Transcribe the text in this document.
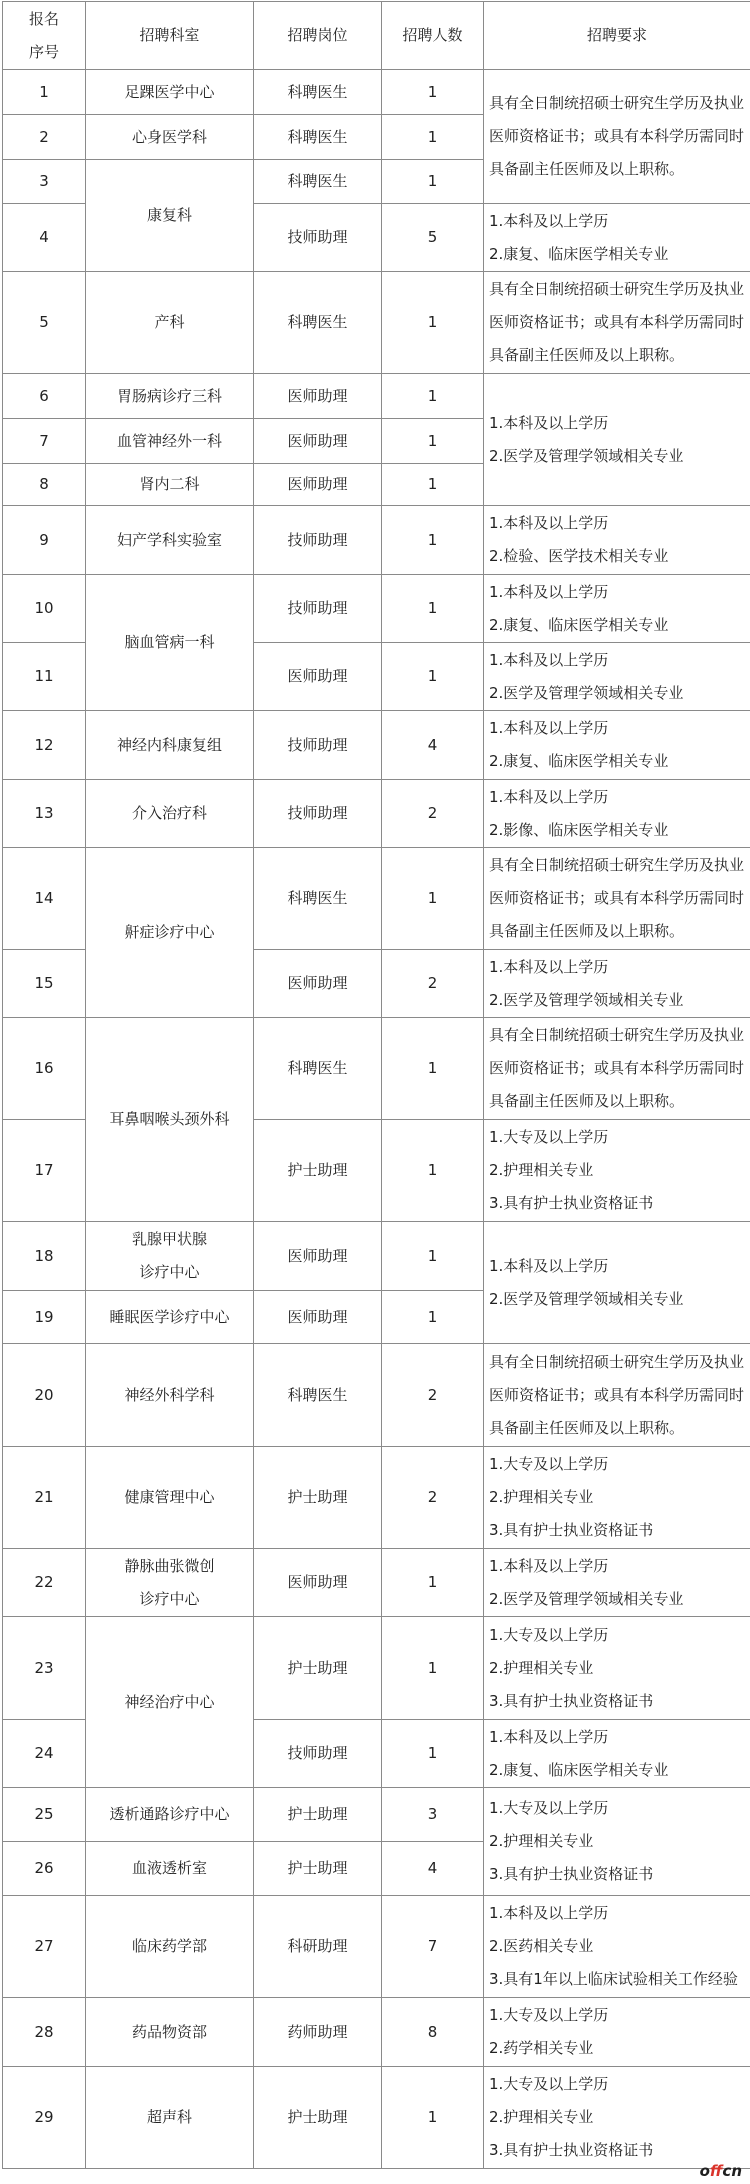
报名
序号	招聘科室	招聘岗位	招聘人数	招聘要求
1	足踝医学中心	科聘医生	1	具有全日制统招硕士研究生学历及执业
医师资格证书；或具有本科学历需同时
具备副主任医师及以上职称。

2	心身医学科	科聘医生	1	
3	康复科	科聘医生	1	
4		技师助理	5	1.本科及以上学历
2.康复、临床医学相关专业

5	产科	科聘医生	1	具有全日制统招硕士研究生学历及执业
医师资格证书；或具有本科学历需同时
具备副主任医师及以上职称。

6	胃肠病诊疗三科	医师助理	1	1.本科及以上学历
2.医学及管理学领域相关专业

7	血管神经外一科	医师助理	1	
8	肾内二科	医师助理	1	
9	妇产学科实验室	技师助理	1	1.本科及以上学历
2.检验、医学技术相关专业

10	脑血管病一科	技师助理	1	1.本科及以上学历
2.康复、临床医学相关专业

11		医师助理	1	1.本科及以上学历
2.医学及管理学领域相关专业

12	神经内科康复组	技师助理	4	1.本科及以上学历
2.康复、临床医学相关专业

13	介入治疗科	技师助理	2	1.本科及以上学历
2.影像、临床医学相关专业

14	鼾症诊疗中心	科聘医生	1	具有全日制统招硕士研究生学历及执业
医师资格证书；或具有本科学历需同时
具备副主任医师及以上职称。

15		医师助理	2	1.本科及以上学历
2.医学及管理学领域相关专业

16	耳鼻咽喉头颈外科	科聘医生	1	具有全日制统招硕士研究生学历及执业
医师资格证书；或具有本科学历需同时
具备副主任医师及以上职称。

17		护士助理	1	1.大专及以上学历
2.护理相关专业
3.具有护士执业资格证书

18	乳腺甲状腺
诊疗中心	医师助理	1	1.本科及以上学历
2.医学及管理学领域相关专业

19	睡眠医学诊疗中心	医师助理	1	
20	神经外科学科	科聘医生	2	具有全日制统招硕士研究生学历及执业
医师资格证书；或具有本科学历需同时
具备副主任医师及以上职称。

21	健康管理中心	护士助理	2	1.大专及以上学历
2.护理相关专业
3.具有护士执业资格证书

22	静脉曲张微创
诊疗中心	医师助理	1	1.本科及以上学历
2.医学及管理学领域相关专业

23	神经治疗中心	护士助理	1	1.大专及以上学历
2.护理相关专业
3.具有护士执业资格证书

24		技师助理	1	1.本科及以上学历
2.康复、临床医学相关专业

25	透析通路诊疗中心	护士助理	3	1.大专及以上学历
2.护理相关专业
3.具有护士执业资格证书

26	血液透析室	护士助理	4	
27	临床药学部	科研助理	7	1.本科及以上学历
2.医药相关专业
3.具有1年以上临床试验相关工作经验

28	药品物资部	药师助理	8	1.大专及以上学历
2.药学相关专业

29	超声科	护士助理	1	1.大专及以上学历
2.护理相关专业
3.具有护士执业资格证书
offcn
